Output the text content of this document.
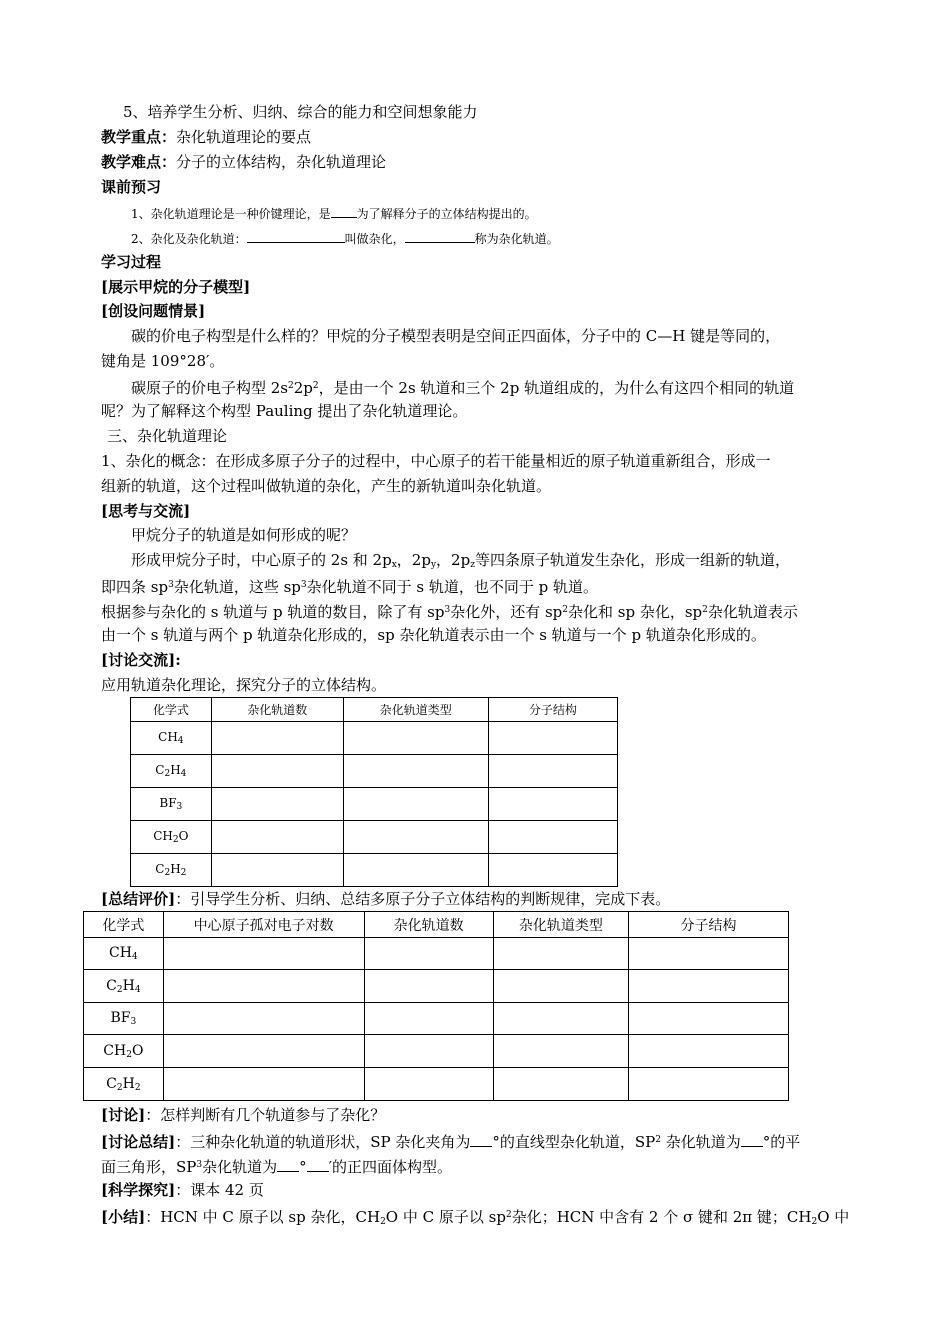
5、培养学生分析、归纳、综合的能力和空间想象能力
教学重点：杂化轨道理论的要点
教学难点：分子的立体结构，杂化轨道理论
课前预习
1、杂化轨道理论是一种价键理论，是 为了解释分子的立体结构提出的。
2、杂化及杂化轨道：	叫做杂化，	称为杂化轨道。
学习过程
[展示甲烷的分子模型]
[创设问题情景]
碳的价电子构型是什么样的？甲烷的分子模型表明是空间正四面体，分子中的 C—H 键是等同的，
键角是 109°28′。
碳原子的价电子构型 $2s^22p^2$，是由一个 2s 轨道和三个 2p 轨道组成的，为什么有这四个相同的轨道
呢？为了解释这个构型 Pauling 提出了杂化轨道理论。
三、杂化轨道理论
1、杂化的概念：在形成多原子分子的过程中，中心原子的若干能量相近的原子轨道重新组合，形成一
组新的轨道，这个过程叫做轨道的杂化，产生的新轨道叫杂化轨道。
[思考与交流]
甲烷分子的轨道是如何形成的呢？
形成甲烷分子时，中心原子的 2s 和 $2p_x$，$2p_y$，$2p_z$等四条原子轨道发生杂化，形成一组新的轨道，
即四条 $sp^3$杂化轨道，这些 $sp^3$杂化轨道不同于 s 轨道，也不同于 p 轨道。
根据参与杂化的 s 轨道与 p 轨道的数目，除了有 $sp^3$杂化外，还有 $sp^2$杂化和 sp 杂化，$sp^2$杂化轨道表示
由一个 s 轨道与两个 p 轨道杂化形成的，sp 杂化轨道表示由一个 s 轨道与一个 p 轨道杂化形成的。
[讨论交流]:
应用轨道杂化理论，探究分子的立体结构。
化学式	杂化轨道数	杂化轨道类型	分子结构
$CH_4$			
$C_2H_4$			
$BF_3$			
$CH_2O$			
$C_2H_2$			
[总结评价]：引导学生分析、归纳、总结多原子分子立体结构的判断规律，完成下表。
化学式	中心原子孤对电子对数	杂化轨道数	杂化轨道类型	分子结构
$CH_4$				
$C_2H_4$				
$BF_3$				
$CH_2O$				
$C_2H_2$				
[讨论]：怎样判断有几个轨道参与了杂化？
[讨论总结]：三种杂化轨道的轨道形状，SP 杂化夹角为 °的直线型杂化轨道，$SP^2$ 杂化轨道为 °的平
面三角形，$SP^3$杂化轨道为 ° ′的正四面体构型。
[科学探究]：课本 42 页
[小结]：HCN 中 C 原子以 sp 杂化，$CH_2O$ 中 C 原子以 $sp^2$杂化；HCN 中含有 2 个 σ 键和 2π 键；$CH_2O$ 中
